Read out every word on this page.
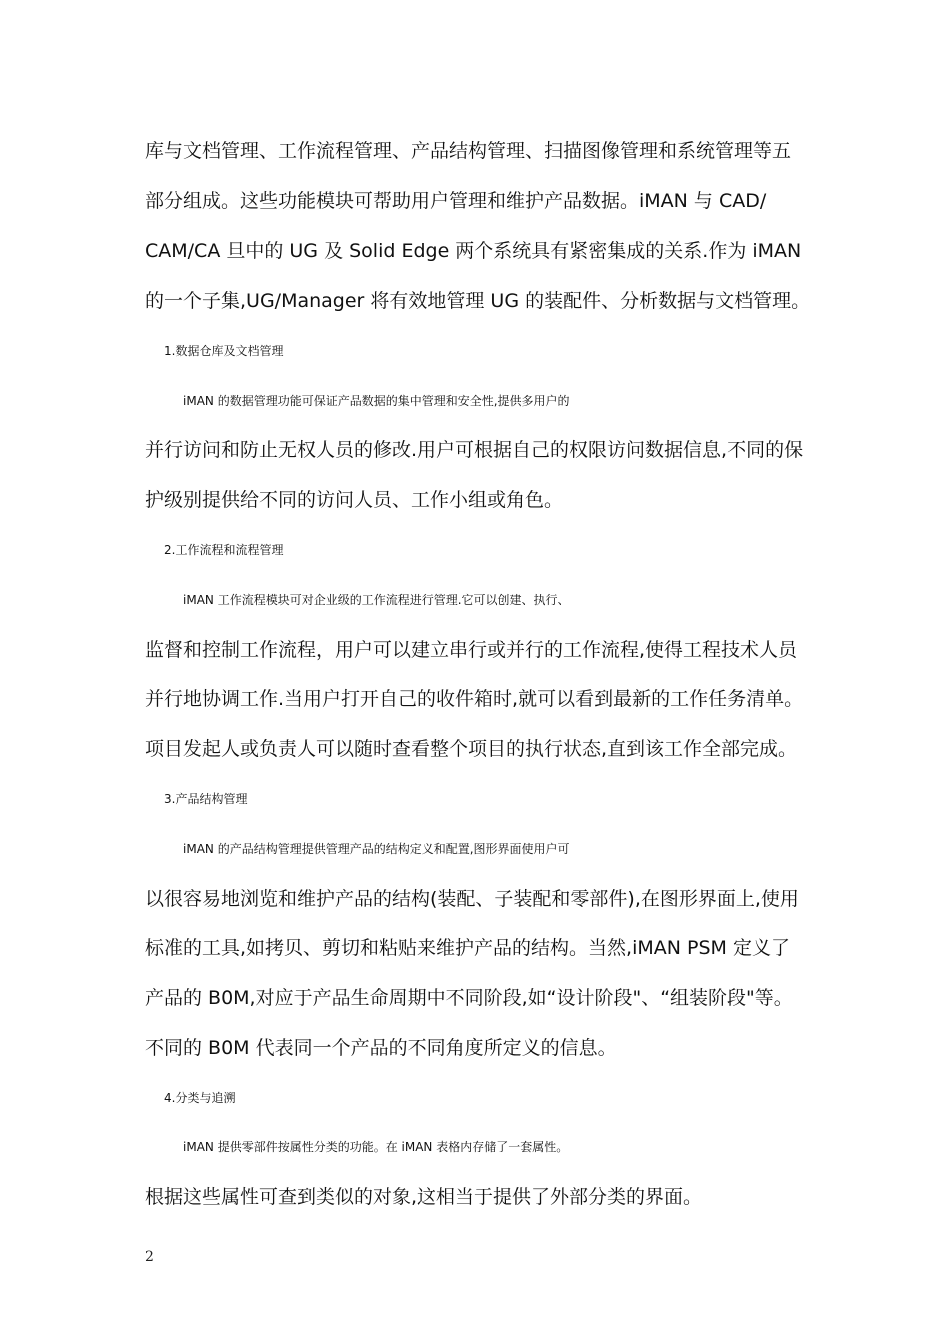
库与文档管理、工作流程管理、产品结构管理、扫描图像管理和系统管理等五
部分组成。这些功能模块可帮助用户管理和维护产品数据。iMAN 与 CAD/
CAM/CA 旦中的 UG 及 Solid Edge 两个系统具有紧密集成的关系.作为 iMAN
的一个子集,UG/Manager 将有效地管理 UG 的装配件、分析数据与文档管理。
1.数据仓库及文档管理
iMAN 的数据管理功能可保证产品数据的集中管理和安全性,提供多用户的
并行访问和防止无权人员的修改.用户可根据自己的权限访问数据信息,不同的保
护级别提供给不同的访问人员、工作小组或角色。
2.工作流程和流程管理
iMAN 工作流程模块可对企业级的工作流程进行管理.它可以创建、执行、
监督和控制工作流程，用户可以建立串行或并行的工作流程,使得工程技术人员
并行地协调工作.当用户打开自己的收件箱时,就可以看到最新的工作任务清单。
项目发起人或负责人可以随时查看整个项目的执行状态,直到该工作全部完成。
3.产品结构管理
iMAN 的产品结构管理提供管理产品的结构定义和配置,图形界面使用户可
以很容易地浏览和维护产品的结构(装配、子装配和零部件),在图形界面上,使用
标准的工具,如拷贝、剪切和粘贴来维护产品的结构。当然,iMAN PSM 定义了
产品的 B0M,对应于产品生命周期中不同阶段,如“设计阶段"、“组装阶段"等。
不同的 B0M 代表同一个产品的不同角度所定义的信息。
4.分类与追溯
iMAN 提供零部件按属性分类的功能。在 iMAN 表格内存储了一套属性。
根据这些属性可查到类似的对象,这相当于提供了外部分类的界面。
2
